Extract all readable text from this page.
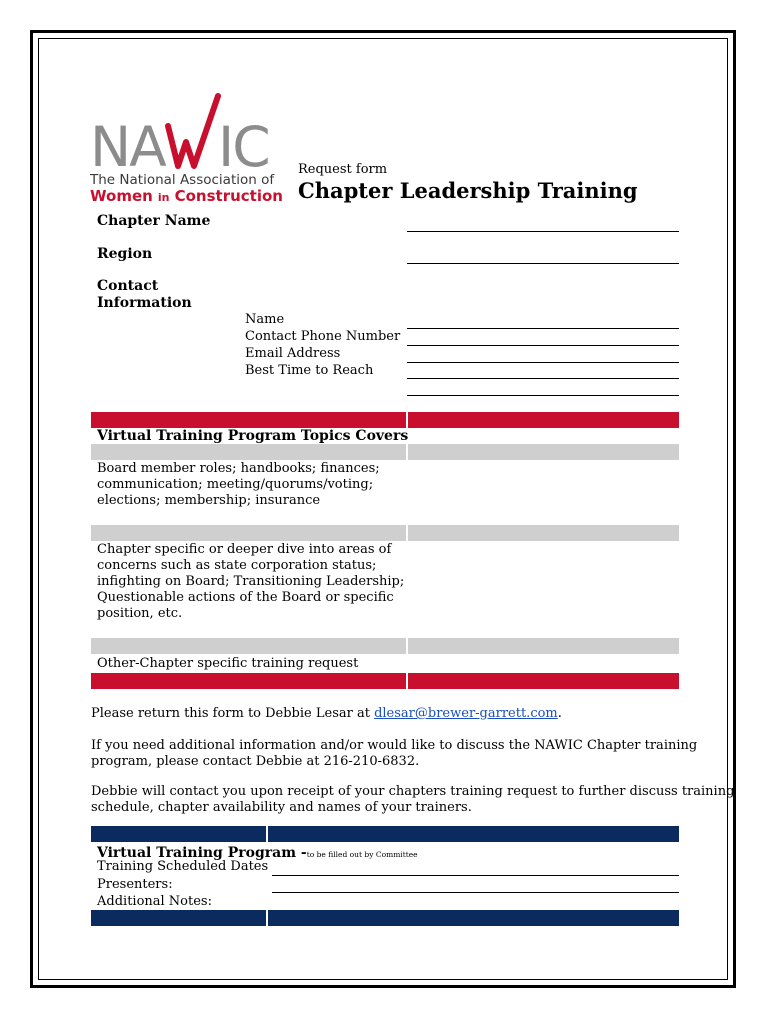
NA IC
The National Association of
Women in Construction
Request form
Chapter Leadership Training
Chapter Name
Region
Contact
Information
Name
Contact Phone Number
Email Address
Best Time to Reach
Virtual Training Program Topics Covers
Board member roles; handbooks; finances;
communication; meeting/quorums/voting;
elections; membership; insurance
Chapter specific or deeper dive into areas of
concerns such as state corporation status;
infighting on Board; Transitioning Leadership;
Questionable actions of the Board or specific
position, etc.
Other-Chapter specific training request
Please return this form to Debbie Lesar at dlesar@brewer-garrett.com.
If you need additional information and/or would like to discuss the NAWIC Chapter training
program, please contact Debbie at 216-210-6832.
Debbie will contact you upon receipt of your chapters training request to further discuss training
schedule, chapter availability and names of your trainers.
Virtual Training Program -to be filled out by Committee
Training Scheduled Dates
Presenters:
Additional Notes:
